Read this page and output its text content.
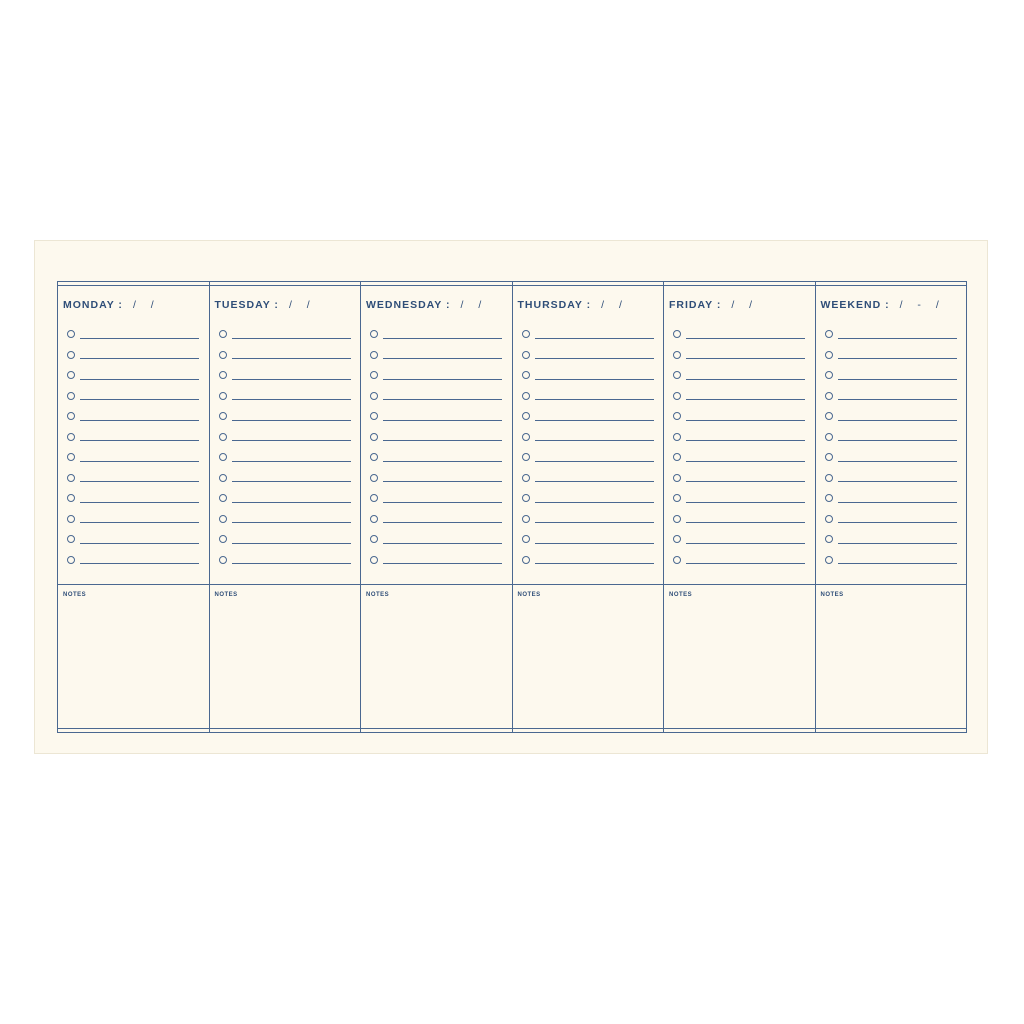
MONDAY : / /
NOTES
TUESDAY : / /
NOTES
WEDNESDAY : / /
NOTES
THURSDAY : / /
NOTES
FRIDAY : / /
NOTES
WEEKEND : / - /
NOTES
